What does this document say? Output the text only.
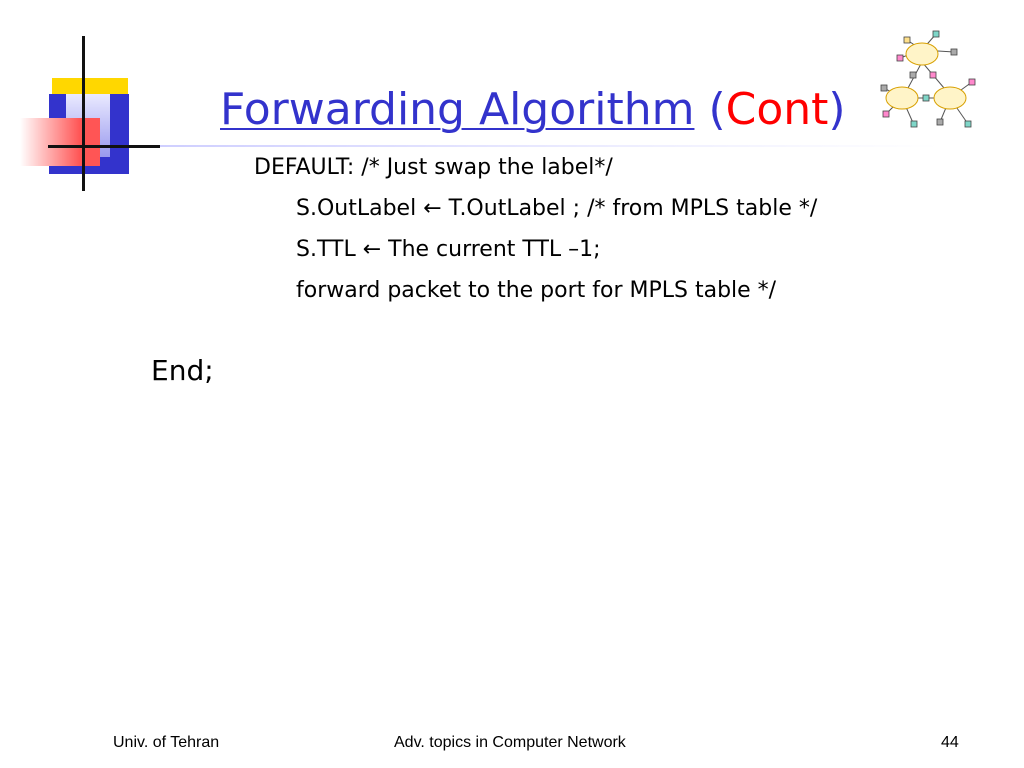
Forwarding Algorithm (Cont)
DEFAULT: /* Just swap the label*/
S.OutLabel ← T.OutLabel ; /* from MPLS table */
S.TTL ← The current TTL –1;
forward packet to the port for MPLS table */
End;
Univ. of Tehran	Adv. topics in Computer Network	44
